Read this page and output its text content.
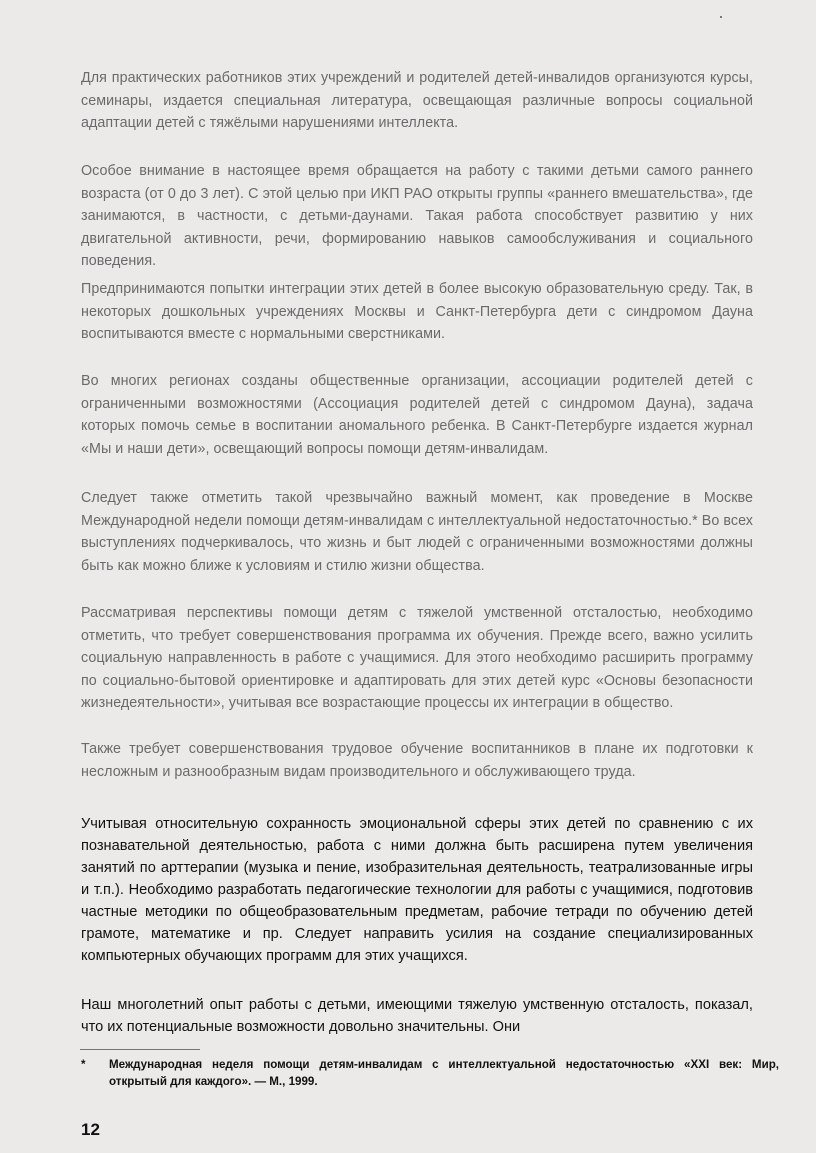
Для практических работников этих учреждений и родителей детей-инвалидов организуются курсы, семинары, издается специальная литература, освещающая различные вопросы социальной адаптации детей с тяжёлыми нарушениями интеллекта.

Особое внимание в настоящее время обращается на работу с такими детьми самого раннего возраста (от 0 до 3 лет). С этой целью при ИКП РАО открыты группы «раннего вмешательства», где занимаются, в частности, с детьми-даунами. Такая работа способствует развитию у них двигательной активности, речи, формированию навыков самообслуживания и социального поведения.

Предпринимаются попытки интеграции этих детей в более высокую образовательную среду. Так, в некоторых дошкольных учреждениях Москвы и Санкт-Петербурга дети с синдромом Дауна воспитываются вместе с нормальными сверстниками.

Во многих регионах созданы общественные организации, ассоциации родителей детей с ограниченными возможностями (Ассоциация родителей детей с синдромом Дауна), задача которых помочь семье в воспитании аномального ребенка. В Санкт-Петербурге издается журнал «Мы и наши дети», освещающий вопросы помощи детям-инвалидам.

Следует также отметить такой чрезвычайно важный момент, как проведение в Москве Международной недели помощи детям-инвалидам с интеллектуальной недостаточностью.* Во всех выступлениях подчеркивалось, что жизнь и быт людей с ограниченными возможностями должны быть как можно ближе к условиям и стилю жизни общества.

Рассматривая перспективы помощи детям с тяжелой умственной отсталостью, необходимо отметить, что требует совершенствования программа их обучения. Прежде всего, важно усилить социальную направленность в работе с учащимися. Для этого необходимо расширить программу по социально-бытовой ориентировке и адаптировать для этих детей курс «Основы безопасности жизнедеятельности», учитывая все возрастающие процессы их интеграции в общество.

Также требует совершенствования трудовое обучение воспитанников в плане их подготовки к несложным и разнообразным видам производительного и обслуживающего труда.

Учитывая относительную сохранность эмоциональной сферы этих детей по сравнению с их познавательной деятельностью, работа с ними должна быть расширена путем увеличения занятий по арттерапии (музыка и пение, изобразительная деятельность, театрализованные игры и т.п.). Необходимо разработать педагогические технологии для работы с учащимися, подготовив частные методики по общеобразовательным предметам, рабочие тетради по обучению детей грамоте, математике и пр. Следует направить усилия на создание специализированных компьютерных обучающих программ для этих учащихся.

Наш многолетний опыт работы с детьми, имеющими тяжелую умственную отсталость, показал, что их потенциальные возможности довольно значительны. Они

* Международная неделя помощи детям-инвалидам с интеллектуальной недостаточностью «XXI век: Мир, открытый для каждого». — М., 1999.

12
